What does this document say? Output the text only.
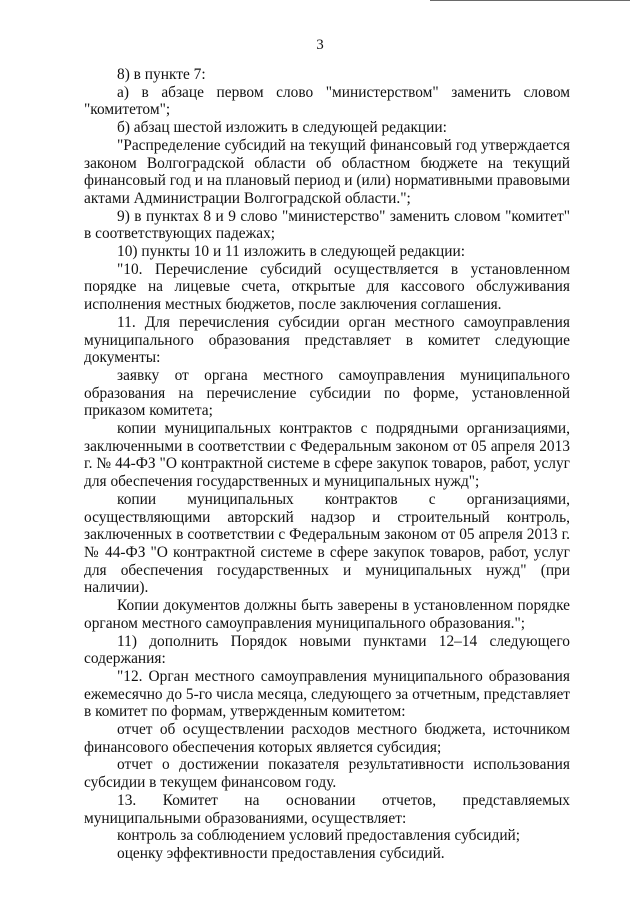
3

8) в пункте 7:

а) в абзаце первом слово "министерством" заменить словом "комитетом";

б) абзац шестой изложить в следующей редакции:

"Распределение субсидий на текущий финансовый год утверждается законом Волгоградской области об областном бюджете на текущий финансовый год и на плановый период и (или) нормативными правовыми актами Администрации Волгоградской области.";

9) в пунктах 8 и 9 слово "министерство" заменить словом "комитет" в соответствующих падежах;

10) пункты 10 и 11 изложить в следующей редакции:

"10. Перечисление субсидий осуществляется в установленном порядке на лицевые счета, открытые для кассового обслуживания исполнения местных бюджетов, после заключения соглашения.

11. Для перечисления субсидии орган местного самоуправления муниципального образования представляет в комитет следующие документы:

заявку от органа местного самоуправления муниципального образования на перечисление субсидии по форме, установленной приказом комитета;

копии муниципальных контрактов с подрядными организациями, заключенными в соответствии с Федеральным законом от 05 апреля 2013 г. № 44-ФЗ "О контрактной системе в сфере закупок товаров, работ, услуг для обеспечения государственных и муниципальных нужд";

копии муниципальных контрактов с организациями, осуществляющими авторский надзор и строительный контроль, заключенных в соответствии с Федеральным законом от 05 апреля 2013 г. № 44-ФЗ "О контрактной системе в сфере закупок товаров, работ, услуг для обеспечения государственных и муниципальных нужд" (при наличии).

Копии документов должны быть заверены в установленном порядке органом местного самоуправления муниципального образования.";

11) дополнить Порядок новыми пунктами 12–14 следующего содержания:

"12. Орган местного самоуправления муниципального образования ежемесячно до 5-го числа месяца, следующего за отчетным, представляет в комитет по формам, утвержденным комитетом:

отчет об осуществлении расходов местного бюджета, источником финансового обеспечения которых является субсидия;

отчет о достижении показателя результативности использования субсидии в текущем финансовом году.

13. Комитет на основании отчетов, представляемых муниципальными образованиями, осуществляет:

контроль за соблюдением условий предоставления субсидий;

оценку эффективности предоставления субсидий.
